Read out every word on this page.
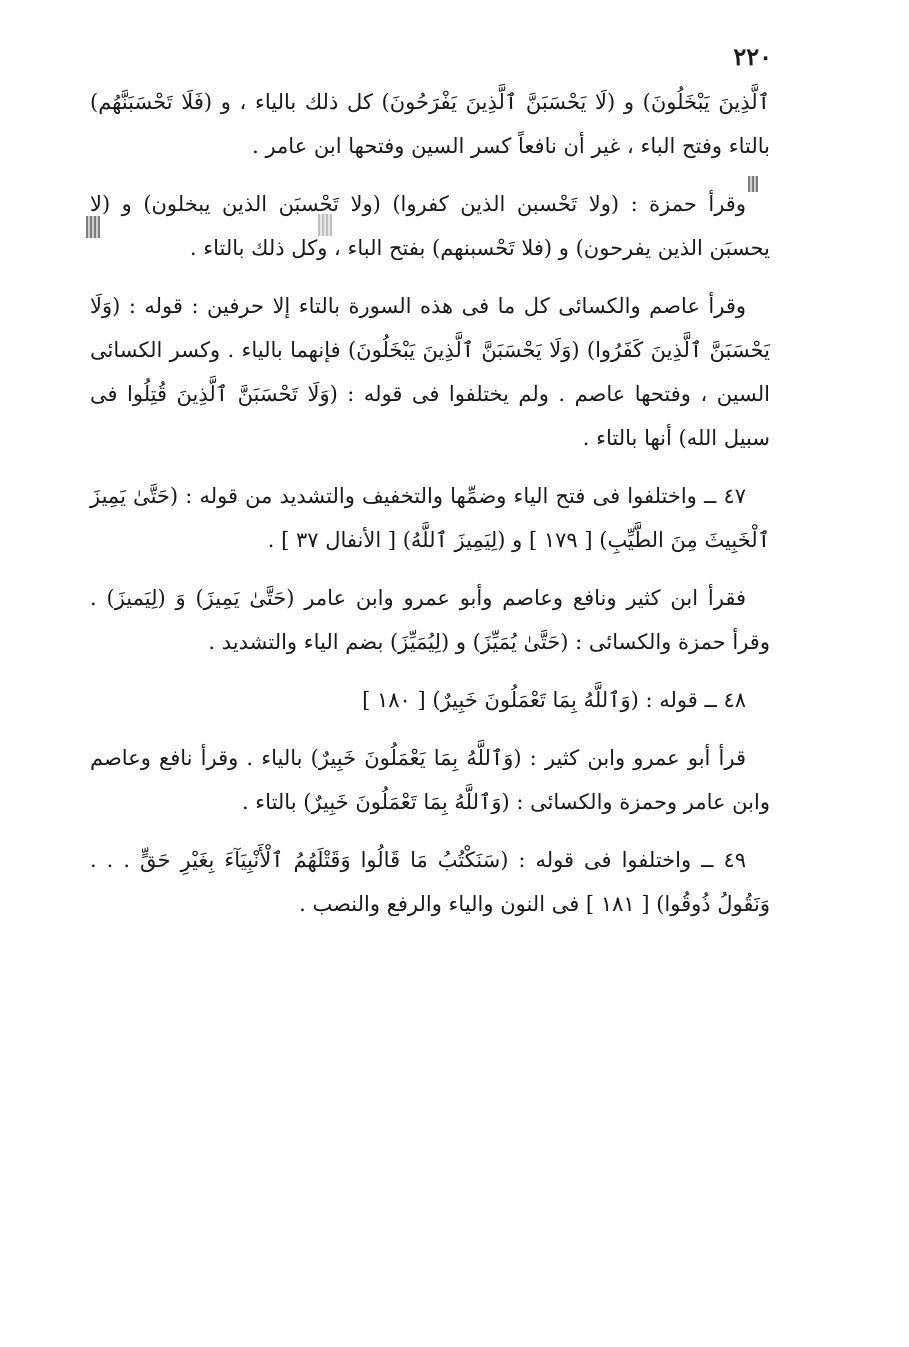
٢٢٠

ٱلَّذِينَ يَبْخَلُونَ) و (لَا يَحْسَبَنَّ ٱلَّذِينَ يَفْرَحُونَ) كل ذلك بالياء ، و (فَلَا تَحْسَبَنَّهُم) بالتاء وفتح الباء ، غير أن نافعاً كسر السين وفتحها ابن عامر .

وقرأ حمزة : (ولا تَحْسبن الذين كفروا) (ولا تَحْسبَن الذين يبخلون) و (لا يحسبَن الذين يفرحون) و (فلا تَحْسبنهم) بفتح الباء ، وكل ذلك بالتاء .

وقرأ عاصم والكسائى كل ما فى هذه السورة بالتاء إلا حرفين : قوله : (وَلَا يَحْسَبَنَّ ٱلَّذِينَ كَفَرُوا) (وَلَا يَحْسَبَنَّ ٱلَّذِينَ يَبْخَلُونَ) فإنهما بالياء . وكسر الكسائى السين ، وفتحها عاصم . ولم يختلفوا فى قوله : (وَلَا تَحْسَبَنَّ ٱلَّذِينَ قُتِلُوا فى سبيل الله) أنها بالتاء .

٤٧ ــ واختلفوا فى فتح الياء وضمِّها والتخفيف والتشديد من قوله : (حَتَّىٰ يَمِيزَ ٱلْخَبِيثَ مِنَ الطَّيِّبِ) [ ١٧٩ ] و (لِيَمِيزَ ٱللَّهُ) [ الأنفال ٣٧ ] .

فقرأ ابن كثير ونافع وعاصم وأبو عمرو وابن عامر (حَتَّىٰ يَمِيزَ) وَ (لِيَميزَ) . وقرأ حمزة والكسائى : (حَتَّىٰ يُمَيِّزَ) و (لِيُمَيِّزَ) بضم الياء والتشديد .

٤٨ ــ قوله : (وَٱللَّهُ بِمَا تَعْمَلُونَ خَبِيرٌ) [ ١٨٠ ]

قرأ أبو عمرو وابن كثير : (وَٱللَّهُ بِمَا يَعْمَلُونَ خَبِيرٌ) بالياء . وقرأ نافع وعاصم وابن عامر وحمزة والكسائى : (وَٱللَّهُ بِمَا تَعْمَلُونَ خَبِيرٌ) بالتاء .

٤٩ ــ واختلفوا فى قوله : (سَنَكْتُبُ مَا قَالُوا وَقَتْلَهُمُ ٱلْأَنْبِيَآءَ بِغَيْرِ حَقٍّ . . . وَنَقُولُ ذُوقُوا) [ ١٨١ ] فى النون والياء والرفع والنصب .
